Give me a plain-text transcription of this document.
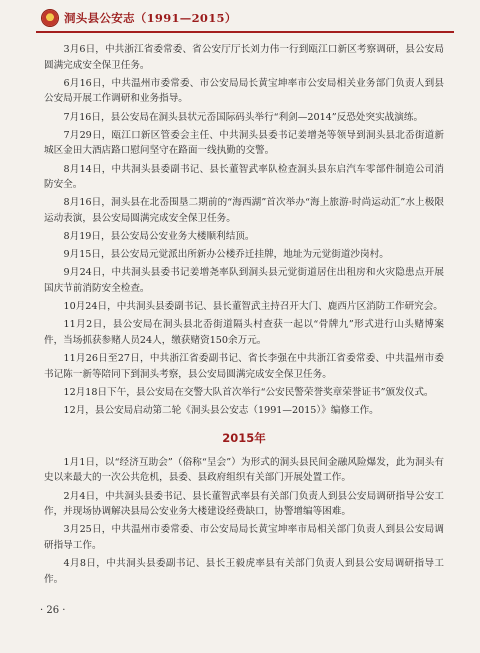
洞头县公安志（1991—2015）

3月6日，中共浙江省委常委、省公安厅厅长刘力伟一行到瓯江口新区考察调研，县公安局圆满完成安全保卫任务。

6月16日，中共温州市委常委、市公安局局长黄宝坤率市公安局相关业务部门负责人到县公安局开展工作调研和业务指导。

7月16日，县公安局在洞头县状元岙国际码头举行“利剑—2014”反恐处突实战演练。

7月29日，瓯江口新区管委会主任、中共洞头县委书记姜增尧等领导到洞头县北岙街道新城区金田大酒店路口慰问坚守在路面一线执勤的交警。

8月14日，中共洞头县委副书记、县长董智武率队检查洞头县东启汽车零部件制造公司消防安全。

8月16日，洞头县在北岙围垦二期前的“海西湖”首次举办“海上旅游·时尚运动汇”水上极限运动表演，县公安局圆满完成安全保卫任务。

8月19日，县公安局公安业务大楼顺利结顶。

9月15日，县公安局元觉派出所新办公楼乔迁挂牌，地址为元觉街道沙岗村。

9月24日，中共洞头县委书记姜增尧率队到洞头县元觉街道居住出租房和火灾隐患点开展国庆节前消防安全检查。

10月24日，中共洞头县委副书记、县长董智武主持召开大门、鹿西片区消防工作研究会。

11月2日，县公安局在洞头县北岙街道隔头村查获一起以“骨牌九”形式进行山头赌博案件，当场抓获参赌人员24人，缴获赌资150余万元。

11月26日至27日，中共浙江省委副书记、省长李强在中共浙江省委常委、中共温州市委书记陈一新等陪同下到洞头考察，县公安局圆满完成安全保卫任务。

12月18日下午，县公安局在交警大队首次举行“公安民警荣誉奖章荣誉证书”颁发仪式。

12月，县公安局启动第二轮《洞头县公安志（1991—2015）》编修工作。

2015年

1月1日，以“经济互助会”（俗称“呈会”）为形式的洞头县民间金融风险爆发，此为洞头有史以来最大的一次公共危机，县委、县政府组织有关部门开展处置工作。

2月4日，中共洞头县委书记、县长董智武率县有关部门负责人到县公安局调研指导公安工作，并现场协调解决县局公安业务大楼建设经费缺口，协警增编等困难。

3月25日，中共温州市委常委、市公安局局长黄宝坤率市局相关部门负责人到县公安局调研指导工作。

4月8日，中共洞头县委副书记、县长王毅虎率县有关部门负责人到县公安局调研指导工作。

· 26 ·
